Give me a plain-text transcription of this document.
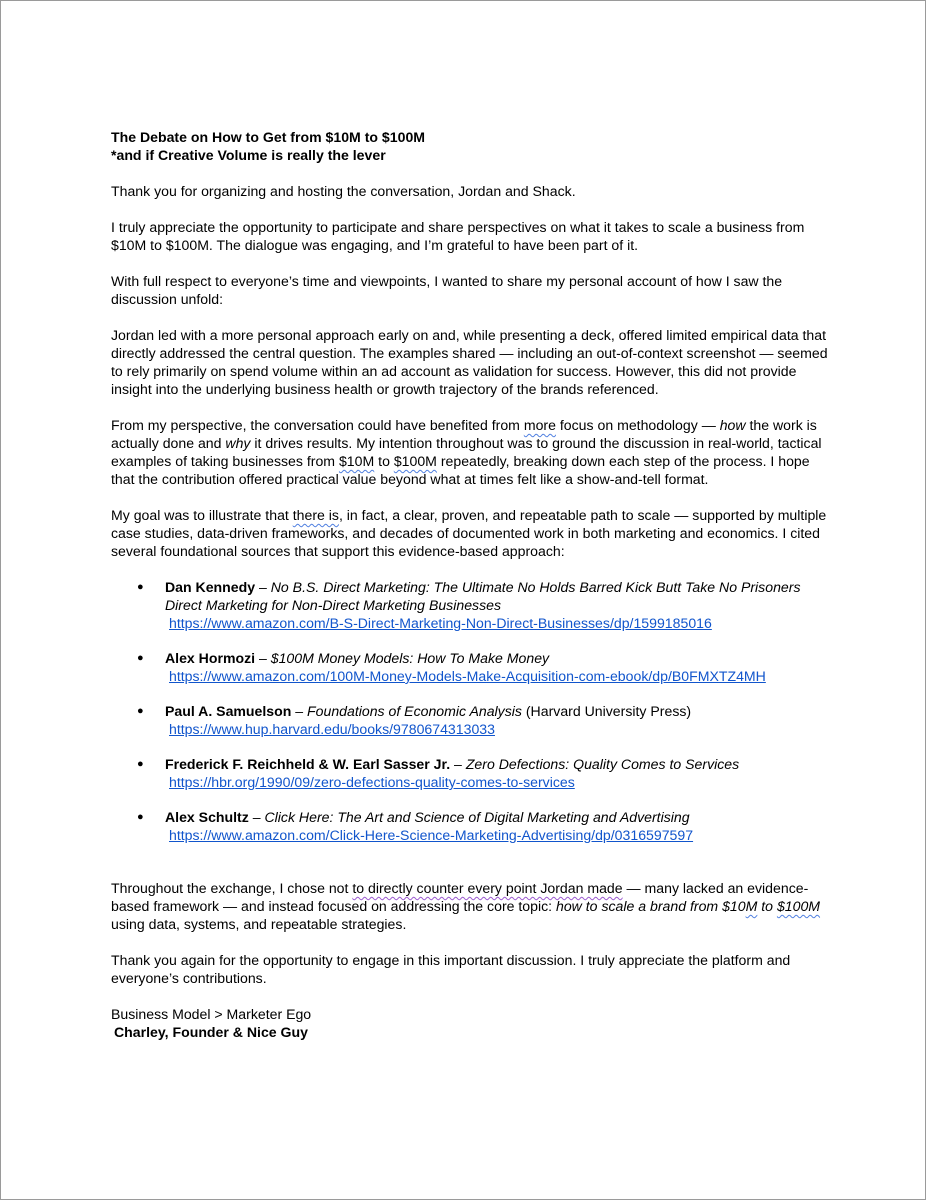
The Debate on How to Get from $10M to $100M

*and if Creative Volume is really the lever

Thank you for organizing and hosting the conversation, Jordan and Shack.

I truly appreciate the opportunity to participate and share perspectives on what it takes to scale a business from $10M to $100M. The dialogue was engaging, and I’m grateful to have been part of it.

With full respect to everyone’s time and viewpoints, I wanted to share my personal account of how I saw the discussion unfold:

Jordan led with a more personal approach early on and, while presenting a deck, offered limited empirical data that directly addressed the central question. The examples shared — including an out-of-context screenshot — seemed to rely primarily on spend volume within an ad account as validation for success. However, this did not provide insight into the underlying business health or growth trajectory of the brands referenced.

From my perspective, the conversation could have benefited from more focus on methodology — how the work is actually done and why it drives results. My intention throughout was to ground the discussion in real-world, tactical examples of taking businesses from $10M to $100M repeatedly, breaking down each step of the process. I hope that the contribution offered practical value beyond what at times felt like a show-and-tell format.

My goal was to illustrate that there is, in fact, a clear, proven, and repeatable path to scale — supported by multiple case studies, data-driven frameworks, and decades of documented work in both marketing and economics. I cited several foundational sources that support this evidence-based approach:

● Dan Kennedy – No B.S. Direct Marketing: The Ultimate No Holds Barred Kick Butt Take No Prisoners Direct Marketing for Non-Direct Marketing Businesses
https://www.amazon.com/B-S-Direct-Marketing-Non-Direct-Businesses/dp/1599185016
● Alex Hormozi – $100M Money Models: How To Make Money
https://www.amazon.com/100M-Money-Models-Make-Acquisition-com-ebook/dp/B0FMXTZ4MH
● Paul A. Samuelson – Foundations of Economic Analysis (Harvard University Press)
https://www.hup.harvard.edu/books/9780674313033
● Frederick F. Reichheld & W. Earl Sasser Jr. – Zero Defections: Quality Comes to Services
https://hbr.org/1990/09/zero-defections-quality-comes-to-services
● Alex Schultz – Click Here: The Art and Science of Digital Marketing and Advertising
https://www.amazon.com/Click-Here-Science-Marketing-Advertising/dp/0316597597

Throughout the exchange, I chose not to directly counter every point Jordan made — many lacked an evidence-based framework — and instead focused on addressing the core topic: how to scale a brand from $10M to $100M using data, systems, and repeatable strategies.

Thank you again for the opportunity to engage in this important discussion. I truly appreciate the platform and everyone’s contributions.

Business Model > Marketer Ego

Charley, Founder & Nice Guy
